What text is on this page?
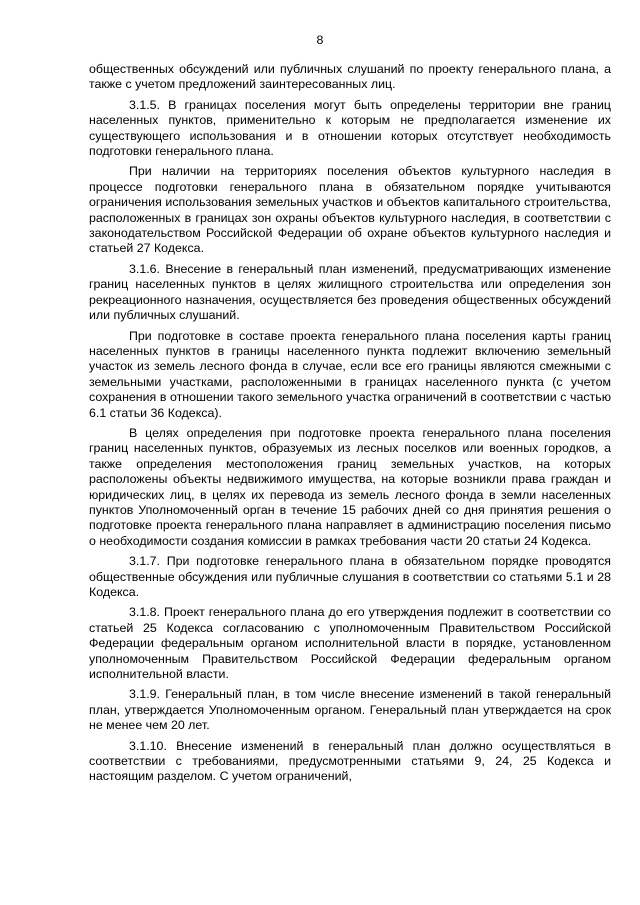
8

общественных обсуждений или публичных слушаний по проекту генерального плана, а также с учетом предложений заинтересованных лиц.

3.1.5. В границах поселения могут быть определены территории вне границ населенных пунктов, применительно к которым не предполагается изменение их существующего использования и в отношении которых отсутствует необходимость подготовки генерального плана.

При наличии на территориях поселения объектов культурного наследия в процессе подготовки генерального плана в обязательном порядке учитываются ограничения использования земельных участков и объектов капитального строительства, расположенных в границах зон охраны объектов культурного наследия, в соответствии с законодательством Российской Федерации об охране объектов культурного наследия и статьей 27 Кодекса.

3.1.6. Внесение в генеральный план изменений, предусматривающих изменение границ населенных пунктов в целях жилищного строительства или определения зон рекреационного назначения, осуществляется без проведения общественных обсуждений или публичных слушаний.

При подготовке в составе проекта генерального плана поселения карты границ населенных пунктов в границы населенного пункта подлежит включению земельный участок из земель лесного фонда в случае, если все его границы являются смежными с земельными участками, расположенными в границах населенного пункта (с учетом сохранения в отношении такого земельного участка ограничений в соответствии с частью 6.1 статьи 36 Кодекса).

В целях определения при подготовке проекта генерального плана поселения границ населенных пунктов, образуемых из лесных поселков или военных городков, а также определения местоположения границ земельных участков, на которых расположены объекты недвижимого имущества, на которые возникли права граждан и юридических лиц, в целях их перевода из земель лесного фонда в земли населенных пунктов Уполномоченный орган в течение 15 рабочих дней со дня принятия решения о подготовке проекта генерального плана направляет в администрацию поселения письмо о необходимости создания комиссии в рамках требования части 20 статьи 24 Кодекса.

3.1.7. При подготовке генерального плана в обязательном порядке проводятся общественные обсуждения или публичные слушания в соответствии со статьями 5.1 и 28 Кодекса.

3.1.8. Проект генерального плана до его утверждения подлежит в соответствии со статьей 25 Кодекса согласованию с уполномоченным Правительством Российской Федерации федеральным органом исполнительной власти в порядке, установленном уполномоченным Правительством Российской Федерации федеральным органом исполнительной власти.

3.1.9. Генеральный план, в том числе внесение изменений в такой генеральный план, утверждается Уполномоченным органом. Генеральный план утверждается на срок не менее чем 20 лет.

3.1.10. Внесение изменений в генеральный план должно осуществляться в соответствии с требованиями, предусмотренными статьями 9, 24, 25 Кодекса и настоящим разделом. С учетом ограничений,
